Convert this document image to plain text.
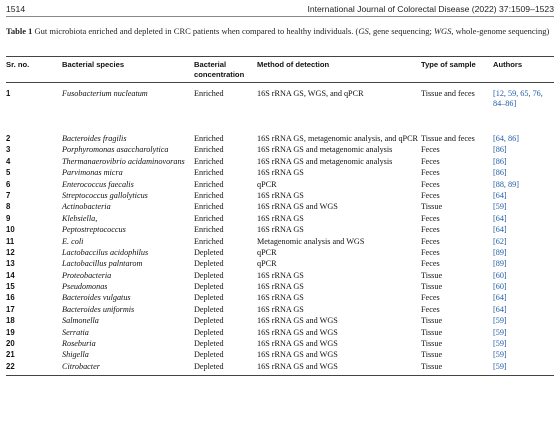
1514	International Journal of Colorectal Disease (2022) 37:1509–1523
Table 1 Gut microbiota enriched and depleted in CRC patients when compared to healthy individuals. (GS, gene sequencing; WGS, whole-genome sequencing)
Sr. no.	Bacterial species	Bacterial concentration	Method of detection	Type of sample	Authors
1	Fusobacterium nucleatum	Enriched	16S rRNA GS, WGS, and qPCR	Tissue and feces	[12, 59, 65, 76, 84–86]
2	Bacteroides fragilis	Enriched	16S rRNA GS, metagenomic analysis, and qPCR	Tissue and feces	[64, 86]
3	Porphyromonas asaccharolytica	Enriched	16S rRNA GS and metagenomic analysis	Feces	[86]
4	Thermanaerovibrio acidaminovorans	Enriched	16S rRNA GS and metagenomic analysis	Feces	[86]
5	Parvimonas micra	Enriched	16S rRNA GS	Feces	[86]
6	Enterococcus faecalis	Enriched	qPCR	Feces	[88, 89]
7	Streptococcus gallolyticus	Enriched	16S rRNA GS	Feces	[64]
8	Actinobacteria	Enriched	16S rRNA GS and WGS	Tissue	[59]
9	Klebsiella,	Enriched	16S rRNA GS	Feces	[64]
10	Peptostreptococcus	Enriched	16S rRNA GS	Feces	[64]
11	E. coli	Enriched	Metagenomic analysis and WGS	Feces	[62]
12	Lactobaccilus acidophilus	Depleted	qPCR	Feces	[89]
13	Lactobacillus palntarom	Depleted	qPCR	Feces	[89]
14	Proteobacteria	Depleted	16S rRNA GS	Tissue	[60]
15	Pseudomonas	Depleted	16S rRNA GS	Tissue	[60]
16	Bacteroides vulgatus	Depleted	16S rRNA GS	Feces	[64]
17	Bacteroides uniformis	Depleted	16S rRNA GS	Feces	[64]
18	Salmonella	Depleted	16S rRNA GS and WGS	Tissue	[59]
19	Serratia	Depleted	16S rRNA GS and WGS	Tissue	[59]
20	Roseburia	Depleted	16S rRNA GS and WGS	Tissue	[59]
21	Shigella	Depleted	16S rRNA GS and WGS	Tissue	[59]
22	Citrobacter	Depleted	16S rRNA GS and WGS	Tissue	[59]
